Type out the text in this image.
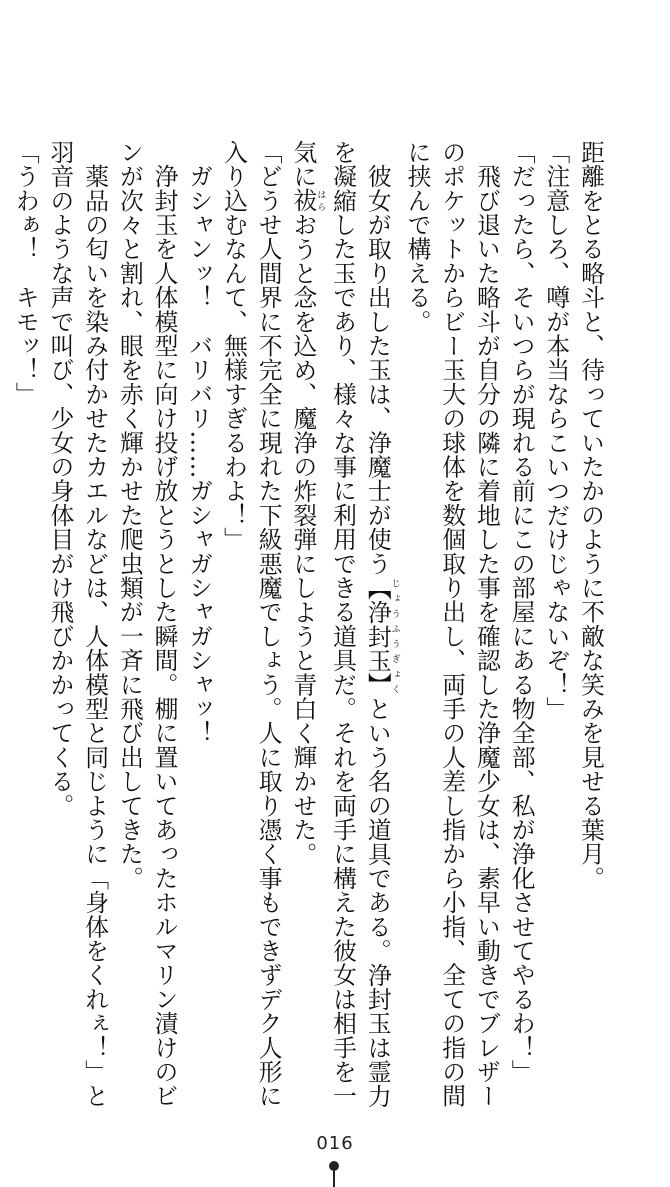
距離をとる略斗と、待っていたかのように不敵な笑みを見せる葉月。
「注意しろ、噂が本当ならこいつだけじゃないぞ！」
「だったら、そいつらが現れる前にこの部屋にある物全部、私が浄化させてやるわ！」
　飛び退いた略斗が自分の隣に着地した事を確認した浄魔少女は、素早い動きでブレザー
のポケットからビー玉大の球体を数個取り出し、両手の人差し指から小指、全ての指の間
に挟んで構える。
　彼女が取り出した玉は、浄魔士が使う【浄封玉】じょうふうぎょくという名の道具である。浄封玉は霊力
を凝縮した玉であり、様々な事に利用できる道具だ。それを両手に構えた彼女は相手を一
気に祓はらおうと念を込め、魔浄の炸裂弾にしようと青白く輝かせた。
「どうせ人間界に不完全に現れた下級悪魔でしょう。人に取り憑く事もできずデク人形に
入り込むなんて、無様すぎるわよ！」
　ガシャンッ！　バリバリ……ガシャガシャガシャッ！
　浄封玉を人体模型に向け投げ放とうとした瞬間。棚に置いてあったホルマリン漬けのビ
ンが次々と割れ、眼を赤く輝かせた爬虫類が一斉に飛び出してきた。
　薬品の匂いを染み付かせたカエルなどは、人体模型と同じように「身体をくれぇ！」と
羽音のような声で叫び、少女の身体目がけ飛びかかってくる。
「うわぁ！　キモッ！」
016
